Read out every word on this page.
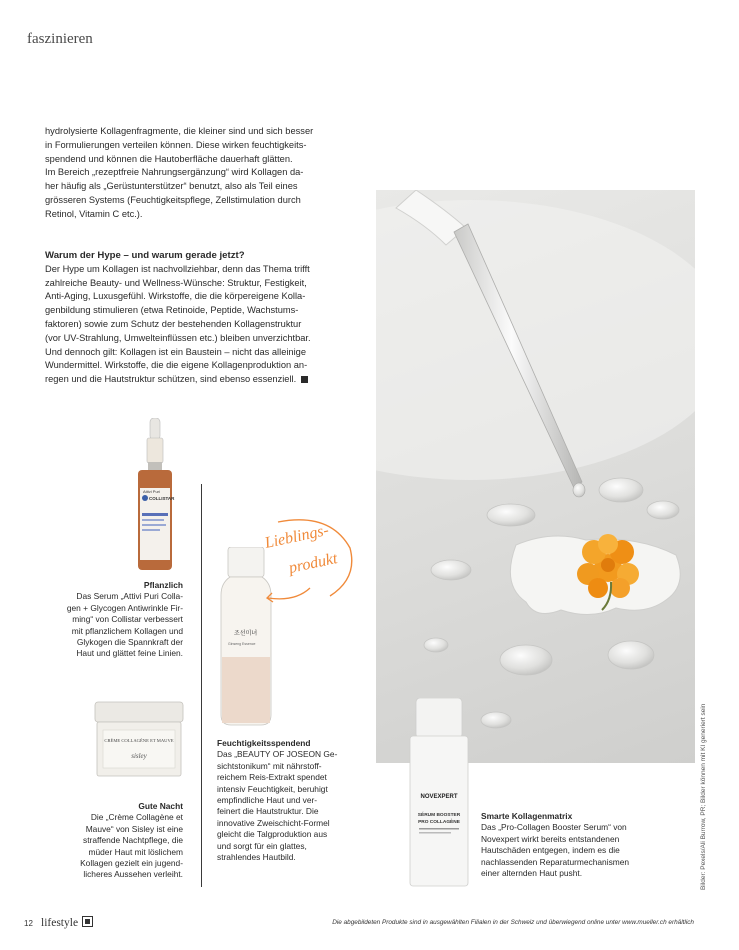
faszinieren
hydrolysierte Kollagenfragmente, die kleiner sind und sich besser
in Formulierungen verteilen können. Diese wirken feuchtigkeits-
spendend und können die Hautoberfläche dauerhaft glätten.
Im Bereich „rezeptfreie Nahrungsergänzung“ wird Kollagen da-
her häufig als „Gerüstunterstützer“ benutzt, also als Teil eines
grösseren Systems (Feuchtigkeitspflege, Zellstimulation durch
Retinol, Vitamin C etc.).
Warum der Hype – und warum gerade jetzt?
Der Hype um Kollagen ist nachvollziehbar, denn das Thema trifft
zahlreiche Beauty- und Wellness-Wünsche: Struktur, Festigkeit,
Anti-Aging, Luxusgefühl. Wirkstoffe, die die körpereigene Kolla-
genbildung stimulieren (etwa Retinoide, Peptide, Wachstums-
faktoren) sowie zum Schutz der bestehenden Kollagenstruktur
(vor UV-Strahlung, Umwelteinflüssen etc.) bleiben unverzichtbar.
Und dennoch gilt: Kollagen ist ein Baustein – nicht das alleinige
Wundermittel. Wirkstoffe, die die eigene Kollagenproduktion an-
regen und die Hautstruktur schützen, sind ebenso essenziell.
Bilder: Pexels/Ali Burrow, PR; Bilder können mit KI generiert sein
Attivi Puri
COLLISTAR
Pflanzlich
Das Serum „Attivi Puri Colla-
gen + Glycogen Antiwrinkle Fir-
ming“ von Collistar verbessert
mit pflanzlichem Kollagen und
Glykogen die Spannkraft der
Haut und glättet feine Linien.
조선미녀
Ginseng Essence
Feuchtigkeitsspendend
Das „BEAUTY OF JOSEON Ge-
sichtstonikum“ mit nährstoff-
reichem Reis-Extrakt spendet
intensiv Feuchtigkeit, beruhigt
empfindliche Haut und ver-
feinert die Hautstruktur. Die
innovative Zweischicht-Formel
gleicht die Talgproduktion aus
und sorgt für ein glattes,
strahlendes Hautbild.
Lieblings-
produkt
CRÈME COLLAGÈNE ET MAUVE
sisley
Gute Nacht
Die „Crème Collagène et
Mauve“ von Sisley ist eine
straffende Nachtpflege, die
müder Haut mit löslichem
Kollagen gezielt ein jugend-
licheres Aussehen verleiht.
NOVEXPERT
SÉRUM BOOSTER
PRO COLLAGÈNE
Smarte Kollagenmatrix
Das „Pro-Collagen Booster Serum“ von
Novexpert wirkt bereits entstandenen
Hautschäden entgegen, indem es die
nachlassenden Reparaturmechanismen
einer alternden Haut pusht.
12 lifestyle	Die abgebildeten Produkte sind in ausgewählten Filialen in der Schweiz und überwiegend online unter www.mueller.ch erhältlich
